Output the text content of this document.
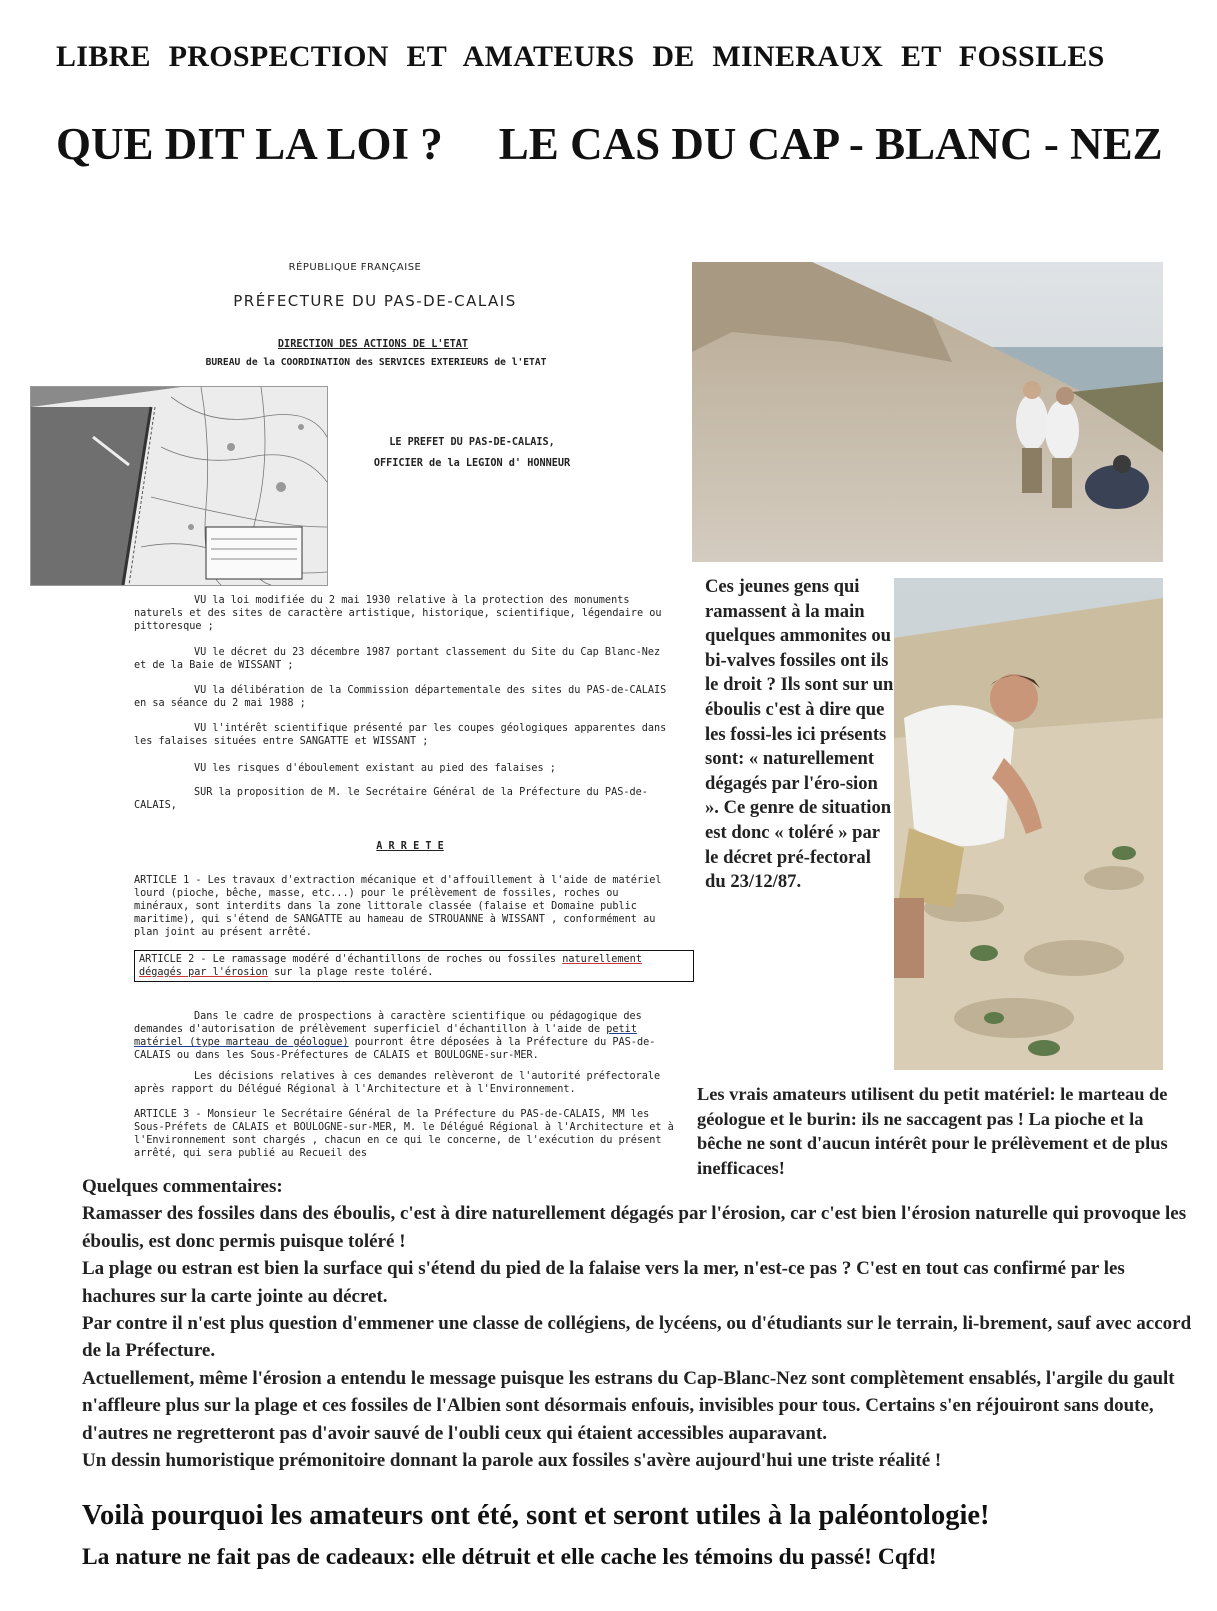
LIBRE PROSPECTION ET AMATEURS DE MINERAUX ET FOSSILES
QUE DIT LA LOI ? LE CAS DU CAP - BLANC - NEZ
RÉPUBLIQUE FRANÇAISE
PRÉFECTURE DU PAS-DE-CALAIS
DIRECTION DES ACTIONS DE L'ETAT
BUREAU de la COORDINATION des SERVICES EXTERIEURS de l'ETAT
LE PREFET DU PAS-DE-CALAIS,
OFFICIER de la LEGION d' HONNEUR
VU la loi modifiée du 2 mai 1930 relative à la protection des monuments naturels et des sites de caractère artistique, historique, scientifique, légendaire ou pittoresque ;
VU le décret du 23 décembre 1987 portant classement du Site du Cap Blanc-Nez et de la Baie de WISSANT ;
VU la délibération de la Commission départementale des sites du PAS-de-CALAIS en sa séance du 2 mai 1988 ;
VU l'intérêt scientifique présenté par les coupes géologiques apparentes dans les falaises situées entre SANGATTE et WISSANT ;
VU les risques d'éboulement existant au pied des falaises ;
SUR la proposition de M. le Secrétaire Général de la Préfecture du PAS-de-CALAIS,
A R R E T E
ARTICLE 1 - Les travaux d'extraction mécanique et d'affouillement à l'aide de matériel lourd (pioche, bêche, masse, etc...) pour le prélèvement de fossiles, roches ou minéraux, sont interdits dans la zone littorale classée (falaise et Domaine public maritime), qui s'étend de SANGATTE au hameau de STROUANNE à WISSANT , conformément au plan joint au présent arrêté.
ARTICLE 2 - Le ramassage modéré d'échantillons de roches ou fossiles naturellement dégagés par l'érosion sur la plage reste toléré.
Dans le cadre de prospections à caractère scientifique ou pédagogique des demandes d'autorisation de prélèvement superficiel d'échantillon à l'aide de petit matériel (type marteau de géologue) pourront être déposées à la Préfecture du PAS-de-CALAIS ou dans les Sous-Préfectures de CALAIS et BOULOGNE-sur-MER.
Les décisions relatives à ces demandes relèveront de l'autorité préfectorale après rapport du Délégué Régional à l'Architecture et à l'Environnement.
ARTICLE 3 - Monsieur le Secrétaire Général de la Préfecture du PAS-de-CALAIS, MM les Sous-Préfets de CALAIS et BOULOGNE-sur-MER, M. le Délégué Régional à l'Architecture et à l'Environnement sont chargés , chacun en ce qui le concerne, de l'exécution du présent arrêté, qui sera publié au Recueil des
Ces jeunes gens qui ramassent à la main quelques ammonites ou bi-valves fossiles ont ils le droit ? Ils sont sur un éboulis c'est à dire que les fossi-les ici présents sont: « naturellement dégagés par l'éro-sion ». Ce genre de situation est donc « toléré » par le décret pré-fectoral du 23/12/87.
Les vrais amateurs utilisent du petit matériel: le marteau de géologue et le burin: ils ne saccagent pas ! La pioche et la bêche ne sont d'aucun intérêt pour le prélèvement et de plus inefficaces!

Quelques commentaires:

Ramasser des fossiles dans des éboulis, c'est à dire naturellement dégagés par l'érosion, car c'est bien l'érosion naturelle qui provoque les éboulis, est donc permis puisque toléré !

La plage ou estran est bien la surface qui s'étend du pied de la falaise vers la mer, n'est-ce pas ? C'est en tout cas confirmé par les hachures sur la carte jointe au décret.

Par contre il n'est plus question d'emmener une classe de collégiens, de lycéens, ou d'étudiants sur le terrain, li-brement, sauf avec accord de la Préfecture.

Actuellement, même l'érosion a entendu le message puisque les estrans du Cap-Blanc-Nez sont complètement ensablés, l'argile du gault n'affleure plus sur la plage et ces fossiles de l'Albien sont désormais enfouis, invisibles pour tous. Certains s'en réjouiront sans doute, d'autres ne regretteront pas d'avoir sauvé de l'oubli ceux qui étaient accessibles auparavant.

Un dessin humoristique prémonitoire donnant la parole aux fossiles s'avère aujourd'hui une triste réalité !

Voilà pourquoi les amateurs ont été, sont et seront utiles à la paléontologie!
La nature ne fait pas de cadeaux: elle détruit et elle cache les témoins du passé! Cqfd!
